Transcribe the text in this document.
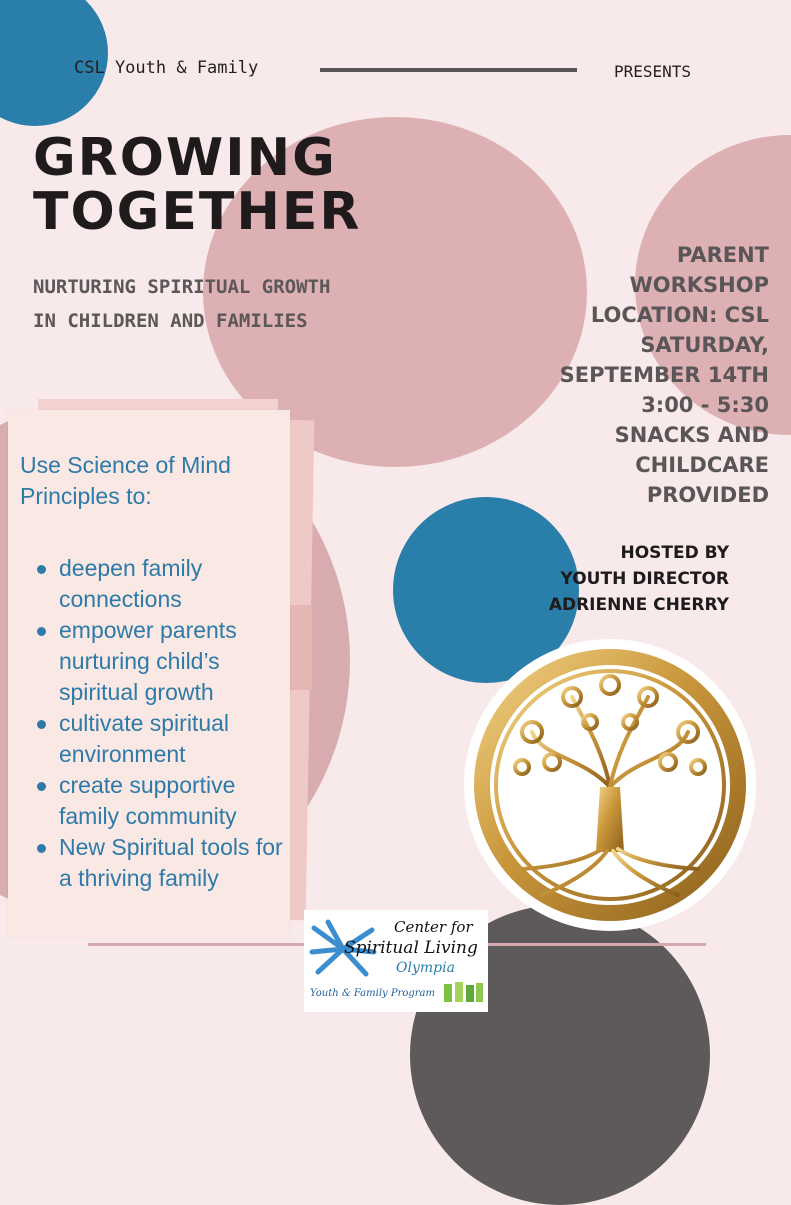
CSL Youth & Family	PRESENTS
GROWING
TOGETHER
NURTURING SPIRITUAL GROWTH
IN CHILDREN AND FAMILIES
PARENT
WORKSHOP
LOCATION: CSL
SATURDAY,
SEPTEMBER 14TH
3:00 - 5:30
SNACKS AND
CHILDCARE
PROVIDED
HOSTED BY
YOUTH DIRECTOR
ADRIENNE CHERRY
Use Science of Mind
Principles to:
deepen family connections
empower parents nurturing child’s spiritual growth
cultivate spiritual environment
create supportive family community
New Spiritual tools for a thriving family
Center for
Spiritual Living
Olympia
Youth & Family Program
